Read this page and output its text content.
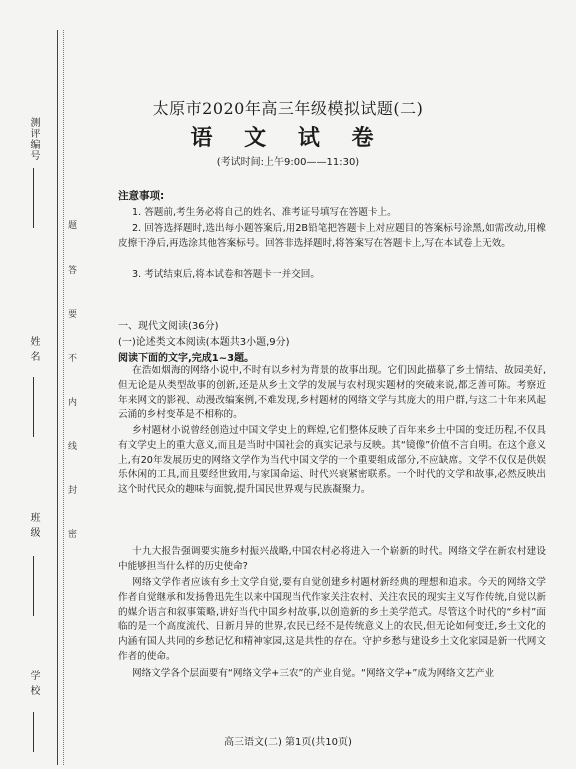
测评编号
姓 名
班 级
学 校
题
答
要
不
内
线
封
密
太原市2020年高三年级模拟试题(二)
语 文 试 卷
(考试时间:上午9:00——11:30)
注意事项:
1. 答题前,考生务必将自己的姓名、准考证号填写在答题卡上。
2. 回答选择题时,选出每小题答案后,用2B铅笔把答题卡上对应题目的答案标号涂黑,如需改动,用橡皮擦干净后,再选涂其他答案标号。回答非选择题时,将答案写在答题卡上,写在本试卷上无效。
3. 考试结束后,将本试卷和答题卡一并交回。
一、现代文阅读(36分)
(一)论述类文本阅读(本题共3小题,9分)
阅读下面的文字,完成1~3题。
在浩如烟海的网络小说中,不时有以乡村为背景的故事出现。它们因此描摹了乡土情结、故园美好,但无论是从类型故事的创新,还是从乡土文学的发展与农村现实题材的突破来说,都乏善可陈。考察近年来网文的影视、动漫改编案例,不难发现,乡村题材的网络文学与其庞大的用户群,与这二十年来风起云涌的乡村变革是不相称的。
乡村题材小说曾经创造过中国文学史上的辉煌,它们整体反映了百年来乡土中国的变迁历程,不仅具有文学史上的重大意义,而且是当时中国社会的真实记录与反映。其“镜像”价值不言自明。在这个意义上,有20年发展历史的网络文学作为当代中国文学的一个重要组成部分,不应缺席。文学不仅仅是供娱乐休闲的工具,而且要经世致用,与家国命运、时代兴衰紧密联系。一个时代的文学和故事,必然反映出这个时代民众的趣味与面貌,提升国民世界观与民族凝聚力。
十九大报告强调要实施乡村振兴战略,中国农村必将进入一个崭新的时代。网络文学在新农村建设中能够担当什么样的历史使命?
网络文学作者应该有乡土文学自觉,要有自觉创建乡村题材新经典的理想和追求。今天的网络文学作者自觉继承和发扬鲁迅先生以来中国现当代作家关注农村、关注农民的现实主义写作传统,自觉以新的媒介语言和叙事策略,讲好当代中国乡村故事,以创造新的乡土美学范式。尽管这个时代的“乡村”面临的是一个高度流代、日新月异的世界,农民已经不是传统意义上的农民,但无论如何变迁,乡土文化的内涵有国人共同的乡愁记忆和精神家园,这是共性的存在。守护乡愁与建设乡土文化家园是新一代网文作者的使命。
网络文学各个层面要有“网络文学+三农”的产业自觉。“网络文学+”成为网络文艺产业
高三语文(二) 第1页(共10页)
